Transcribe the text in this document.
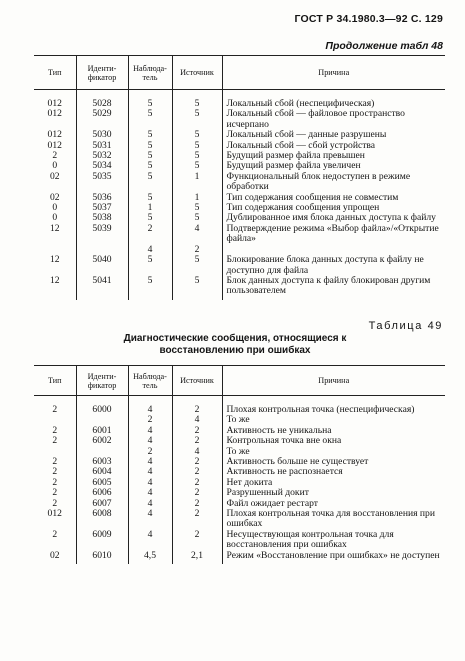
ГОСТ Р 34.1980.3—92 С. 129
Продолжение табл 48
Тип	Иденти-фикатор	Наблюда-тель	Источник	Причина
012	5028	5	5	Локальный сбой (неспецифическая)
012	5029	5	5	Локальный сбой — файловое пространство исчерпано
012	5030	5	5	Локальный сбой — данные разрушены
012	5031	5	5	Локальный сбой — сбой устройства
2	5032	5	5	Будущий размер файла превышен
0	5034	5	5	Будущий размер файла увеличен
02	5035	5	1	Функциональный блок недоступен в режиме обработки
02	5036	5	1	Тип содержания сообщения не совместим
0	5037	1	5	Тип содержания сообщения упрощен
0	5038	5	5	Дублированное имя блока данных доступа к файлу
12	5039	2	4	Подтверждение режима «Выбор файла»/«Открытие файла»
		4	2	
12	5040	5	5	Блокирование блока данных доступа к файлу не доступно для файла
12	5041	5	5	Блок данных доступа к файлу блокирован другим пользователем
Таблица 49
Диагностические сообщения, относящиеся к восстановлению при ошибках
Тип	Иденти-фикатор	Наблюда-тель	Источник	Причина
2	6000	4	2	Плохая контрольная точка (неспецифическая)
		2	4	То же
2	6001	4	2	Активность не уникальна
2	6002	4	2	Контрольная точка вне окна
		2	4	То же
2	6003	4	2	Активность больше не существует
2	6004	4	2	Активность не распознается
2	6005	4	2	Нет докита
2	6006	4	2	Разрушенный докит
2	6007	4	2	Файл ожидает рестарт
012	6008	4	2	Плохая контрольная точка для восстановления при ошибках
2	6009	4	2	Несуществующая контрольная точка для восстановления при ошибках
02	6010	4,5	2,1	Режим «Восстановление при ошибках» не доступен
